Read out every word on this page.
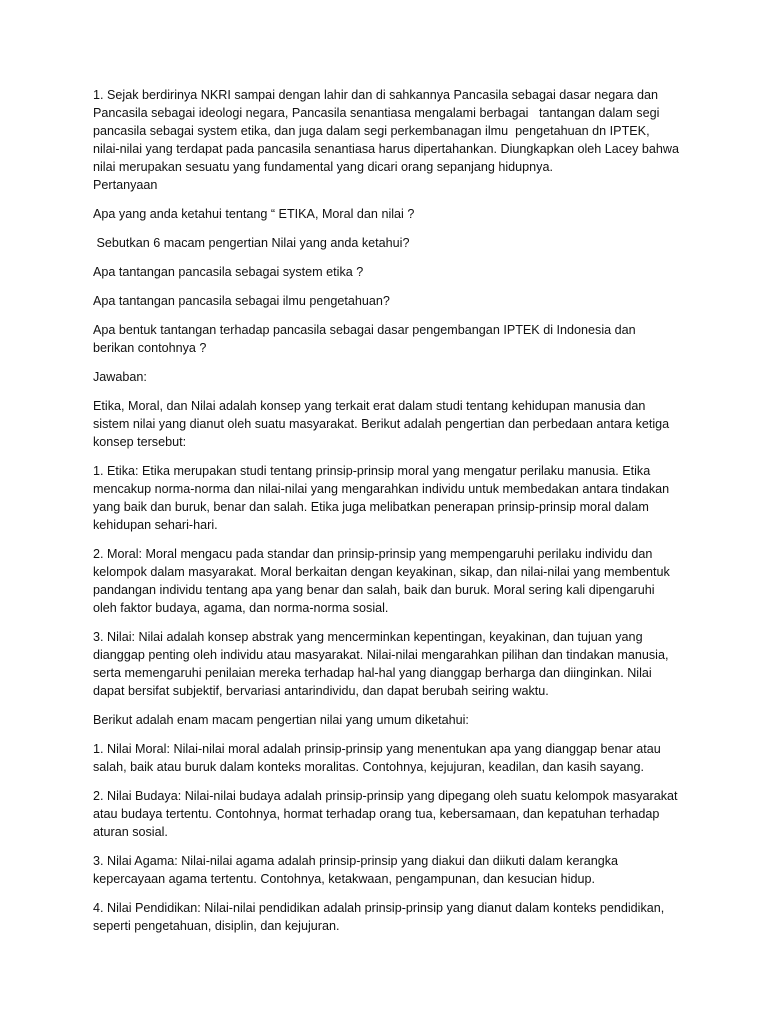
1. Sejak berdirinya NKRI sampai dengan lahir dan di sahkannya Pancasila sebagai dasar negara dan Pancasila sebagai ideologi negara, Pancasila senantiasa mengalami berbagai   tantangan dalam segi pancasila sebagai system etika, dan juga dalam segi perkembanagan ilmu  pengetahuan dn IPTEK, nilai-nilai yang terdapat pada pancasila senantiasa harus dipertahankan. Diungkapkan oleh Lacey bahwa nilai merupakan sesuatu yang fundamental yang dicari orang sepanjang hidupnya.
Pertanyaan

Apa yang anda ketahui tentang “ ETIKA, Moral dan nilai ?

Sebutkan 6 macam pengertian Nilai yang anda ketahui?

Apa tantangan pancasila sebagai system etika ?

Apa tantangan pancasila sebagai ilmu pengetahuan?

Apa bentuk tantangan terhadap pancasila sebagai dasar pengembangan IPTEK di Indonesia dan berikan contohnya ?

Jawaban:

Etika, Moral, dan Nilai adalah konsep yang terkait erat dalam studi tentang kehidupan manusia dan sistem nilai yang dianut oleh suatu masyarakat. Berikut adalah pengertian dan perbedaan antara ketiga konsep tersebut:

1. Etika: Etika merupakan studi tentang prinsip-prinsip moral yang mengatur perilaku manusia. Etika mencakup norma-norma dan nilai-nilai yang mengarahkan individu untuk membedakan antara tindakan yang baik dan buruk, benar dan salah. Etika juga melibatkan penerapan prinsip-prinsip moral dalam kehidupan sehari-hari.

2. Moral: Moral mengacu pada standar dan prinsip-prinsip yang mempengaruhi perilaku individu dan kelompok dalam masyarakat. Moral berkaitan dengan keyakinan, sikap, dan nilai-nilai yang membentuk pandangan individu tentang apa yang benar dan salah, baik dan buruk. Moral sering kali dipengaruhi oleh faktor budaya, agama, dan norma-norma sosial.

3. Nilai: Nilai adalah konsep abstrak yang mencerminkan kepentingan, keyakinan, dan tujuan yang dianggap penting oleh individu atau masyarakat. Nilai-nilai mengarahkan pilihan dan tindakan manusia, serta memengaruhi penilaian mereka terhadap hal-hal yang dianggap berharga dan diinginkan. Nilai dapat bersifat subjektif, bervariasi antarindividu, dan dapat berubah seiring waktu.

Berikut adalah enam macam pengertian nilai yang umum diketahui:

1. Nilai Moral: Nilai-nilai moral adalah prinsip-prinsip yang menentukan apa yang dianggap benar atau salah, baik atau buruk dalam konteks moralitas. Contohnya, kejujuran, keadilan, dan kasih sayang.

2. Nilai Budaya: Nilai-nilai budaya adalah prinsip-prinsip yang dipegang oleh suatu kelompok masyarakat atau budaya tertentu. Contohnya, hormat terhadap orang tua, kebersamaan, dan kepatuhan terhadap aturan sosial.

3. Nilai Agama: Nilai-nilai agama adalah prinsip-prinsip yang diakui dan diikuti dalam kerangka kepercayaan agama tertentu. Contohnya, ketakwaan, pengampunan, dan kesucian hidup.

4. Nilai Pendidikan: Nilai-nilai pendidikan adalah prinsip-prinsip yang dianut dalam konteks pendidikan, seperti pengetahuan, disiplin, dan kejujuran.
